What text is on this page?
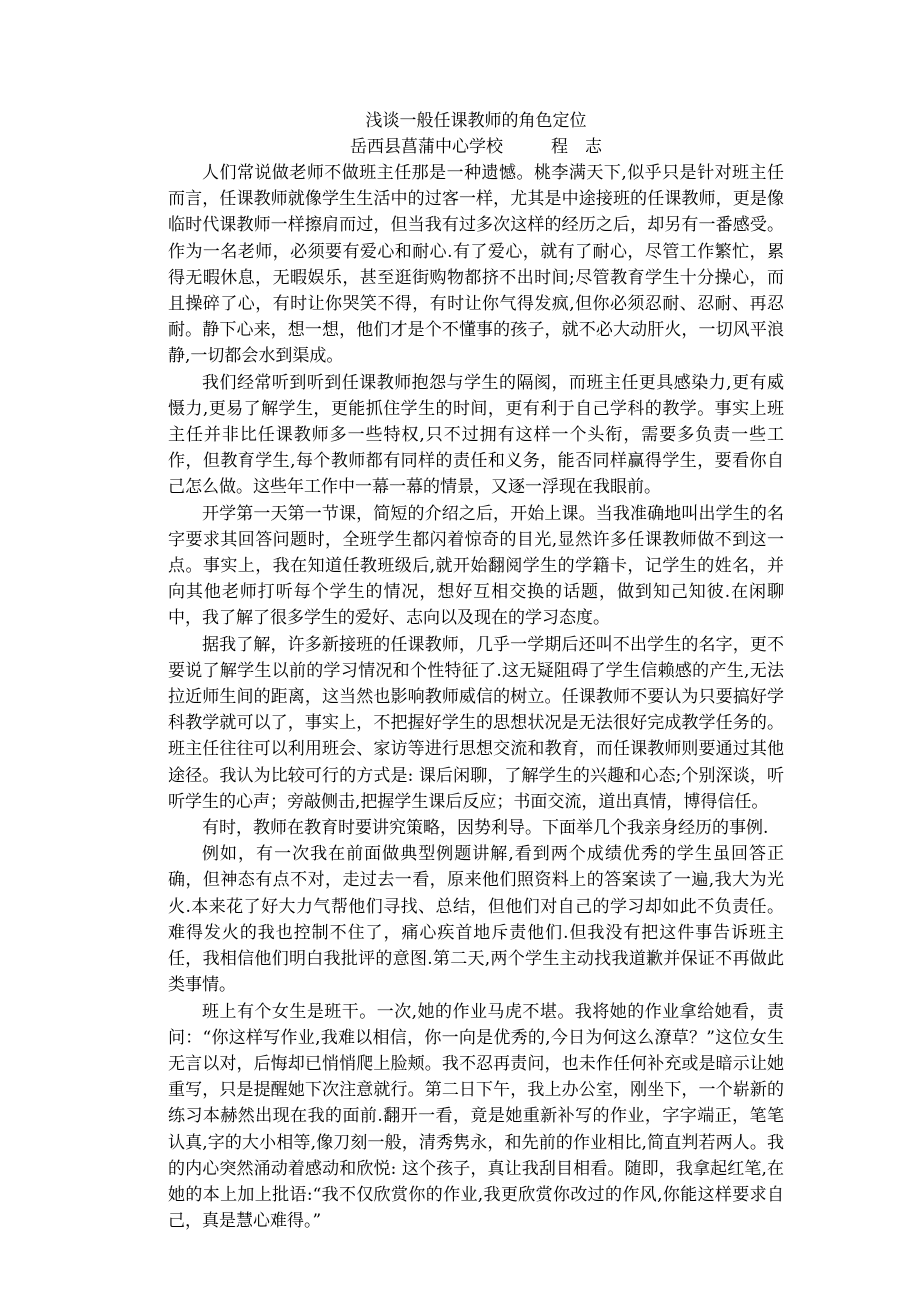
浅谈一般任课教师的角色定位

岳西县菖蒲中心学校	程　志

人们常说做老师不做班主任那是一种遗憾。桃李满天下,似乎只是针对班主任而言，任课教师就像学生生活中的过客一样，尤其是中途接班的任课教师，更是像临时代课教师一样擦肩而过，但当我有过多次这样的经历之后，却另有一番感受。作为一名老师，必须要有爱心和耐心.有了爱心，就有了耐心，尽管工作繁忙，累得无暇休息，无暇娱乐，甚至逛街购物都挤不出时间;尽管教育学生十分操心，而且操碎了心，有时让你哭笑不得，有时让你气得发疯,但你必须忍耐、忍耐、再忍耐。静下心来，想一想，他们才是个不懂事的孩子，就不必大动肝火，一切风平浪静,一切都会水到渠成。

我们经常听到听到任课教师抱怨与学生的隔阂，而班主任更具感染力,更有威慑力,更易了解学生，更能抓住学生的时间，更有利于自己学科的教学。事实上班主任并非比任课教师多一些特权,只不过拥有这样一个头衔，需要多负责一些工作，但教育学生,每个教师都有同样的责任和义务，能否同样赢得学生，要看你自己怎么做。这些年工作中一幕一幕的情景，又逐一浮现在我眼前。

开学第一天第一节课，简短的介绍之后，开始上课。当我准确地叫出学生的名字要求其回答问题时，全班学生都闪着惊奇的目光,显然许多任课教师做不到这一点。事实上，我在知道任教班级后,就开始翻阅学生的学籍卡，记学生的姓名，并向其他老师打听每个学生的情况，想好互相交换的话题，做到知己知彼.在闲聊中，我了解了很多学生的爱好、志向以及现在的学习态度。

据我了解，许多新接班的任课教师，几乎一学期后还叫不出学生的名字，更不要说了解学生以前的学习情况和个性特征了.这无疑阻碍了学生信赖感的产生,无法拉近师生间的距离，这当然也影响教师威信的树立。任课教师不要认为只要搞好学科教学就可以了，事实上，不把握好学生的思想状况是无法很好完成教学任务的。班主任往往可以利用班会、家访等进行思想交流和教育，而任课教师则要通过其他途径。我认为比较可行的方式是: 课后闲聊，了解学生的兴趣和心态;个别深谈，听听学生的心声；旁敲侧击,把握学生课后反应；书面交流，道出真情，博得信任。

有时，教师在教育时要讲究策略，因势利导。下面举几个我亲身经历的事例.

例如，有一次我在前面做典型例题讲解,看到两个成绩优秀的学生虽回答正确，但神态有点不对，走过去一看，原来他们照资料上的答案读了一遍,我大为光火.本来花了好大力气帮他们寻找、总结，但他们对自己的学习却如此不负责任。难得发火的我也控制不住了，痛心疾首地斥责他们.但我没有把这件事告诉班主任，我相信他们明白我批评的意图.第二天,两个学生主动找我道歉并保证不再做此类事情。

班上有个女生是班干。一次,她的作业马虎不堪。我将她的作业拿给她看，责问：“你这样写作业,我难以相信，你一向是优秀的,今日为何这么潦草？”这位女生无言以对，后悔却已悄悄爬上脸颊。我不忍再责问，也未作任何补充或是暗示让她重写，只是提醒她下次注意就行。第二日下午，我上办公室，刚坐下，一个崭新的练习本赫然出现在我的面前.翻开一看，竟是她重新补写的作业，字字端正，笔笔认真,字的大小相等,像刀刻一般，清秀隽永，和先前的作业相比,简直判若两人。我的内心突然涌动着感动和欣悦: 这个孩子，真让我刮目相看。随即，我拿起红笔,在她的本上加上批语:“我不仅欣赏你的作业,我更欣赏你改过的作风,你能这样要求自己，真是慧心难得。”
